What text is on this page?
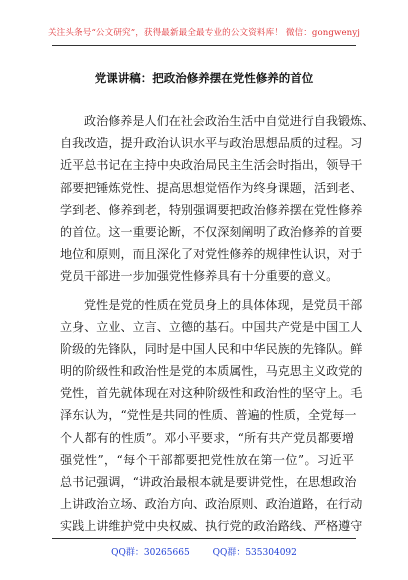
关注头条号“公文研究”，获得最新最全最专业的公文资料库！ 微信：gongwenyj
党课讲稿：把政治修养摆在党性修养的首位
政治修养是人们在社会政治生活中自觉进行自我锻炼、
自我改造，提升政治认识水平与政治思想品质的过程。习
近平总书记在主持中央政治局民主生活会时指出，领导干
部要把锤炼党性、提高思想觉悟作为终身课题，活到老、
学到老、修养到老，特别强调要把政治修养摆在党性修养
的首位。这一重要论断，不仅深刻阐明了政治修养的首要
地位和原则，而且深化了对党性修养的规律性认识，对于
党员干部进一步加强党性修养具有十分重要的意义。
党性是党的性质在党员身上的具体体现，是党员干部
立身、立业、立言、立德的基石。中国共产党是中国工人
阶级的先锋队，同时是中国人民和中华民族的先锋队。鲜
明的阶级性和政治性是党的本质属性，马克思主义政党的
党性，首先就体现在对这种阶级性和政治性的坚守上。毛
泽东认为，“党性是共同的性质、普遍的性质，全党每一
个人都有的性质”。邓小平要求，“所有共产党员都要增
强党性”，“每个干部都要把党性放在第一位”。习近平
总书记强调，“讲政治最根本就是要讲党性，在思想政治
上讲政治立场、政治方向、政治原则、政治道路，在行动
实践上讲维护党中央权威、执行党的政治路线、严格遵守
QQ群：30265665	QQ群：535304092
